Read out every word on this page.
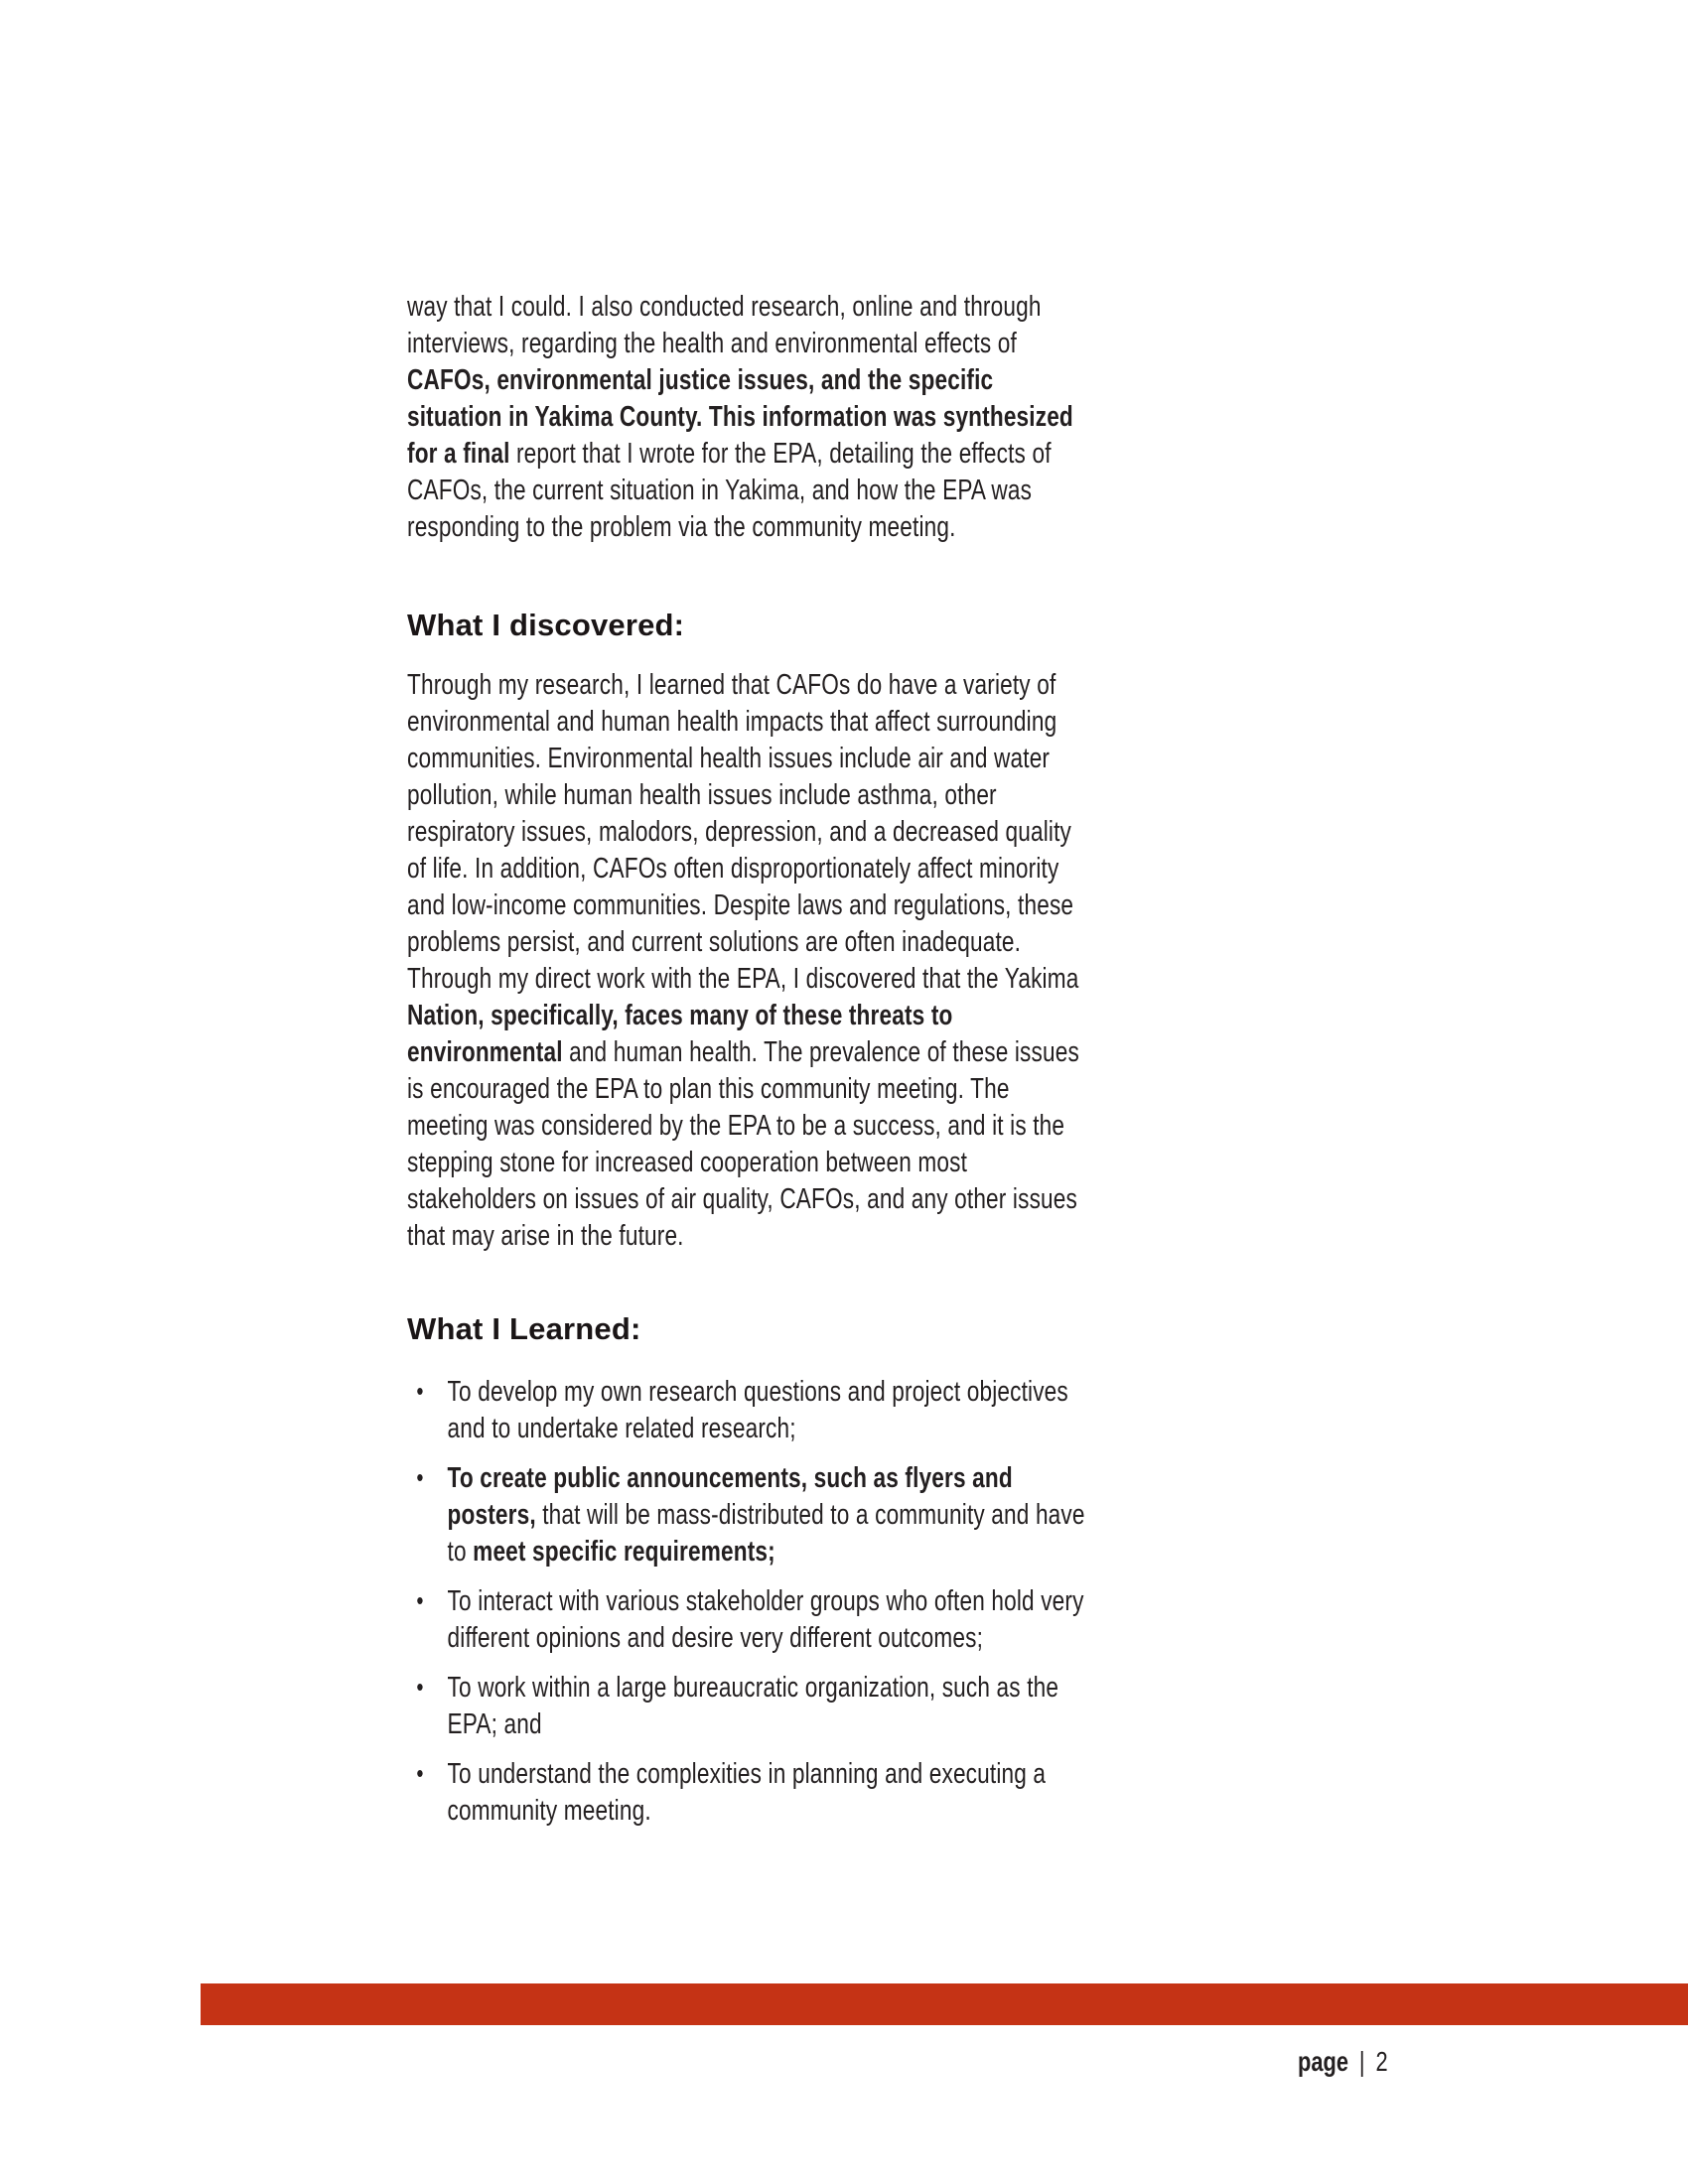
way that I could. I also conducted research, online and through interviews, regarding the health and environmental effects of CAFOs, environmental justice issues, and the specific situation in Yakima County. This information was synthesized for a final report that I wrote for the EPA, detailing the effects of CAFOs, the current situation in Yakima, and how the EPA was responding to the problem via the community meeting.

What I discovered:

Through my research, I learned that CAFOs do have a variety of environmental and human health impacts that affect surrounding communities. Environmental health issues include air and water pollution, while human health issues include asthma, other respiratory issues, malodors, depression, and a decreased quality of life. In addition, CAFOs often disproportionately affect minority and low-income communities. Despite laws and regulations, these problems persist, and current solutions are often inadequate. Through my direct work with the EPA, I discovered that the Yakima Nation, specifically, faces many of these threats to environmental and human health. The prevalence of these issues is encouraged the EPA to plan this community meeting. The meeting was considered by the EPA to be a success, and it is the stepping stone for increased cooperation between most stakeholders on issues of air quality, CAFOs, and any other issues that may arise in the future.

What I Learned:
• To develop my own research questions and project objectives and to undertake related research;
• To create public announcements, such as flyers and posters, that will be mass-distributed to a community and have to meet specific requirements;
• To interact with various stakeholder groups who often hold very different opinions and desire very different outcomes;
• To work within a large bureaucratic organization, such as the EPA; and
• To understand the complexities in planning and executing a community meeting.
page | 2
